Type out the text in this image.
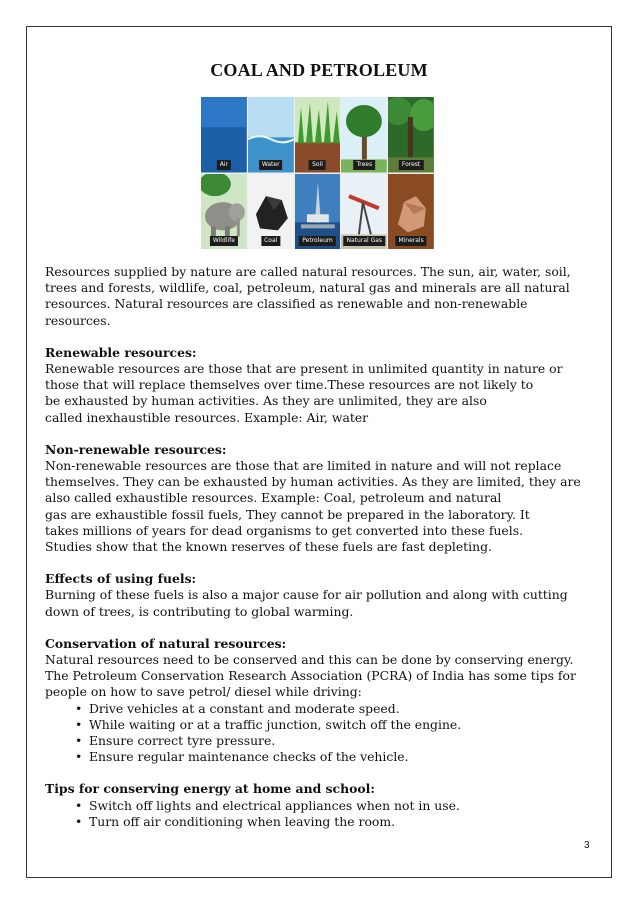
COAL AND PETROLEUM
Air	Water	Soil	Trees	Forest
Wildlife	Coal	Petroleum	Natural Gas	Minerals

Resources supplied by nature are called natural resources. The sun, air, water, soil,

trees and forests, wildlife, coal, petroleum, natural gas and minerals are all natural

resources. Natural resources are classified as renewable and non-renewable

resources.

Renewable resources:

Renewable resources are those that are present in unlimited quantity in nature or

those that will replace themselves over time.These resources are not likely to

be exhausted by human activities. As they are unlimited, they are also

called inexhaustible resources. Example: Air, water

Non-renewable resources:

Non-renewable resources are those that are limited in nature and will not replace

themselves. They can be exhausted by human activities. As they are limited, they are

also called exhaustible resources. Example: Coal, petroleum and natural

gas are exhaustible fossil fuels, They cannot be prepared in the laboratory. It

takes millions of years for dead organisms to get converted into these fuels.

Studies show that the known reserves of these fuels are fast depleting.

Effects of using fuels:

Burning of these fuels is also a major cause for air pollution and along with cutting

down of trees, is contributing to global warming.

Conservation of natural resources:

Natural resources need to be conserved and this can be done by conserving energy.

The Petroleum Conservation Research Association (PCRA) of India has some tips for

people on how to save petrol/ diesel while driving:

• Drive vehicles at a constant and moderate speed.
• While waiting or at a traffic junction, switch off the engine.
• Ensure correct tyre pressure.
• Ensure regular maintenance checks of the vehicle.

Tips for conserving energy at home and school:

• Switch off lights and electrical appliances when not in use.
• Turn off air conditioning when leaving the room.
3
